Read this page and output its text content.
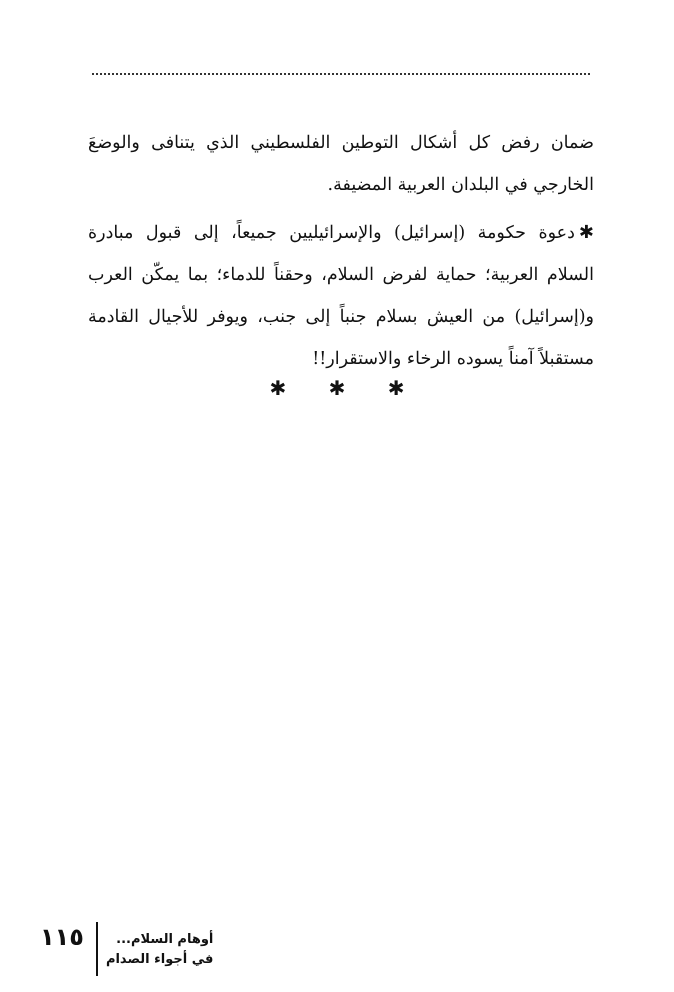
ضمان رفض كل أشكال التوطين الفلسطيني الذي يتنافى والوضعَ الخارجي في البلدان العربية المضيفة.

✱دعوة حكومة (إسرائيل) والإسرائيليين جميعاً، إلى قبول مبادرة السلام العربية؛ حماية لفرض السلام، وحقناً للدماء؛ بما يمكّن العرب و(إسرائيل) من العيش بسلام جنباً إلى جنب، ويوفر للأجيال القادمة مستقبلاً آمناً يسوده الرخاء والاستقرار!!

✱ ✱ ✱
١١٥	أوهام السلام...
في أجواء الصدام
